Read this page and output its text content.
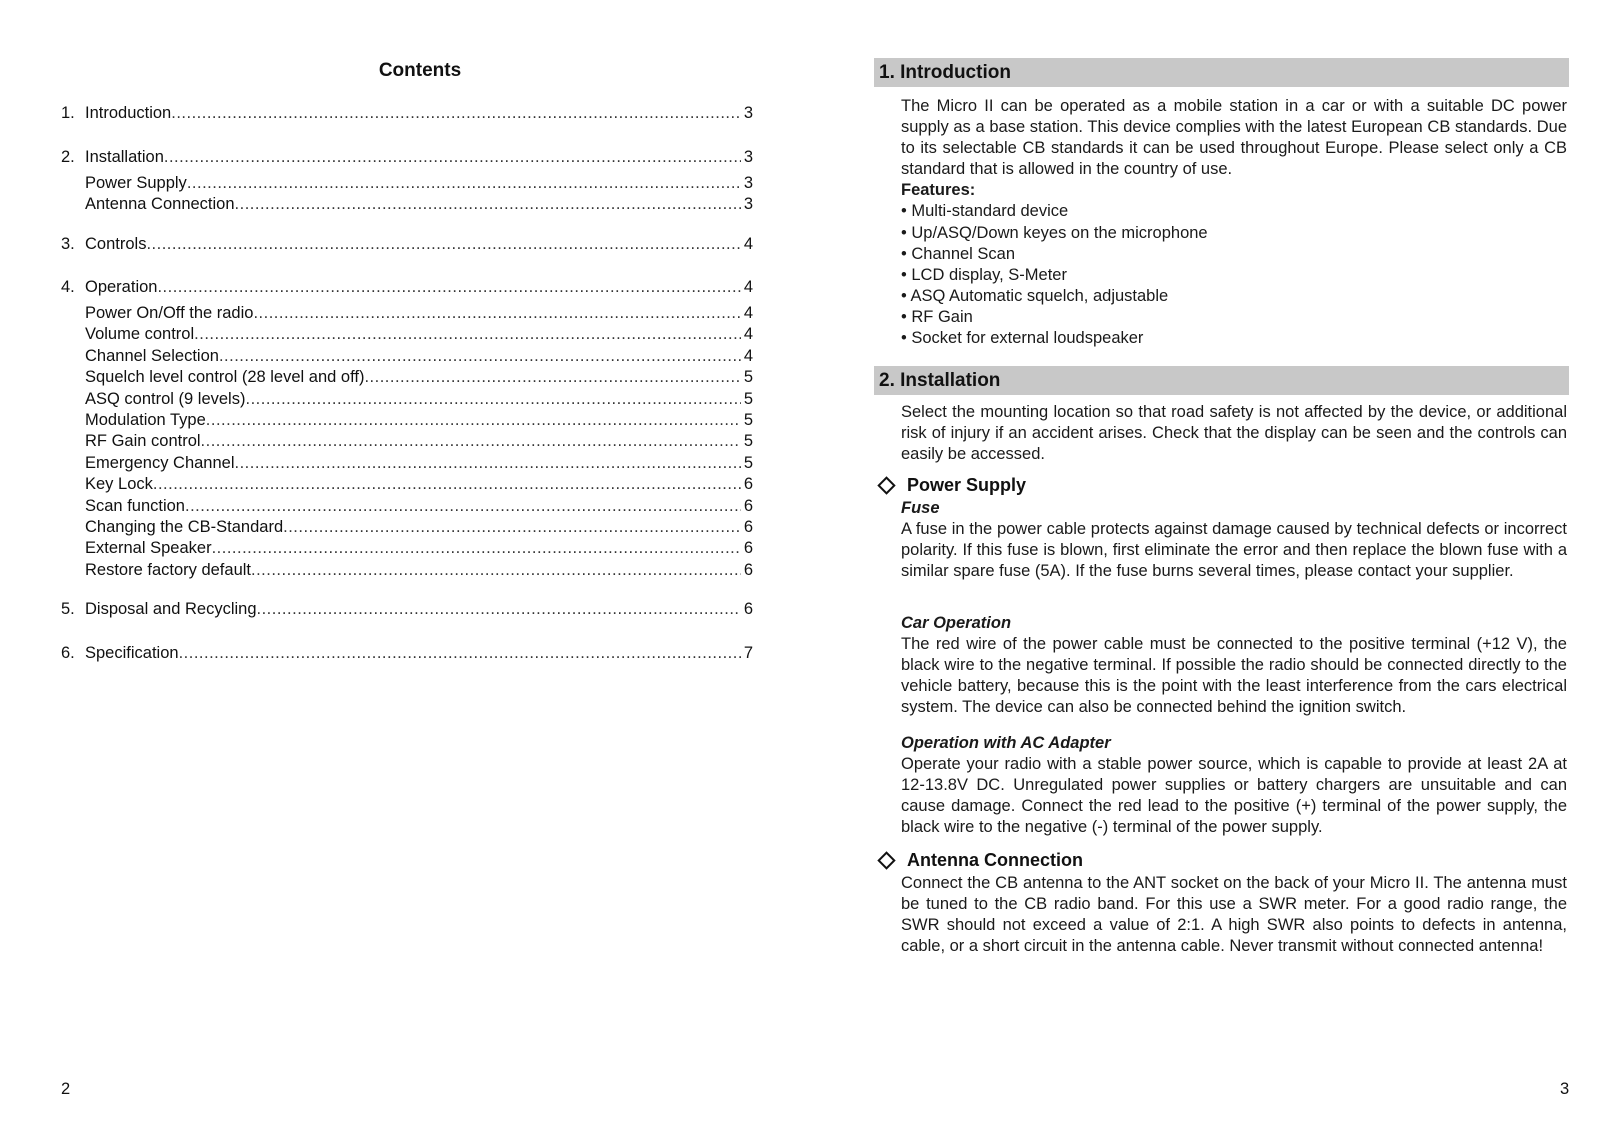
Contents
1. Introduction .....	3
2. Installation .....	3
Power Supply .....	3
Antenna Connection .....	3
3. Controls .....	4
4. Operation .....	4
Power On/Off the radio .....	4
Volume control .....	4
Channel Selection .....	4
Squelch level control (28 level and off) .....	5
ASQ control (9 levels) .....	5
Modulation Type .....	5
RF Gain control .....	5
Emergency Channel .....	5
Key Lock .....	6
Scan function .....	6
Changing the CB-Standard .....	6
External Speaker .....	6
Restore factory default .....	6
5. Disposal and Recycling .....	6
6. Specification .....	7
2
1. Introduction

The Micro II can be operated as a mobile station in a car or with a suitable DC power supply as a base station. This device complies with the latest European CB standards. Due to its selectable CB standards it can be used throughout Europe. Please select only a CB standard that is allowed in the country of use.

Features:
• Multi-standard device
• Up/ASQ/Down keyes on the microphone
• Channel Scan
• LCD display, S-Meter
• ASQ Automatic squelch, adjustable
• RF Gain
• Socket for external loudspeaker
2. Installation
Select the mounting location so that road safety is not affected by the device, or additional risk of injury if an accident arises. Check that the display can be seen and the controls can easily be accessed.
Power Supply
Fuse

A fuse in the power cable protects against damage caused by technical defects or incorrect polarity. If this fuse is blown, first eliminate the error and then replace the blown fuse with a similar spare fuse (5A). If the fuse burns several times, please contact your supplier.

Car Operation

The red wire of the power cable must be connected to the positive terminal (+12 V), the black wire to the negative terminal. If possible the radio should be connected directly to the vehicle battery, because this is the point with the least interference from the cars electrical system. The device can also be connected behind the ignition switch.

Operation with AC Adapter

Operate your radio with a stable power source, which is capable to provide at least 2A at 12-13.8V DC. Unregulated power supplies or battery chargers are unsuitable and can cause damage. Connect the red lead to the positive (+) terminal of the power supply, the black wire to the negative (-) terminal of the power supply.

Antenna Connection
Connect the CB antenna to the ANT socket on the back of your Micro II. The antenna must be tuned to the CB radio band. For this use a SWR meter. For a good radio range, the SWR should not exceed a value of 2:1. A high SWR also points to defects in antenna, cable, or a short circuit in the antenna cable. Never transmit without connected antenna!
3
